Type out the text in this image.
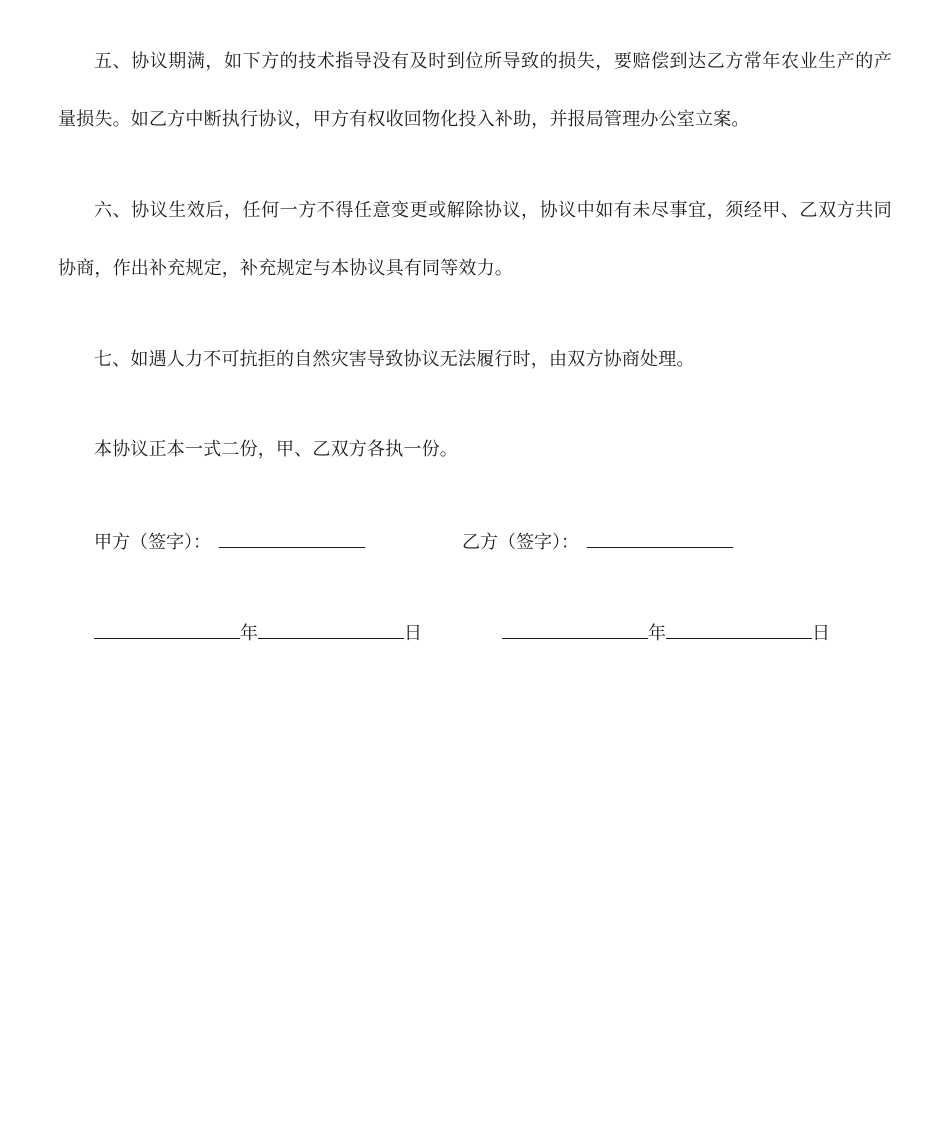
五、协议期满，如下方的技术指导没有及时到位所导致的损失，要赔偿到达乙方常年农业生产的产量损失。如乙方中断执行协议，甲方有权收回物化投入补助，并报局管理办公室立案。

六、协议生效后，任何一方不得任意变更或解除协议，协议中如有未尽事宜，须经甲、乙双方共同协商，作出补充规定，补充规定与本协议具有同等效力。

七、如遇人力不可抗拒的自然灾害导致协议无法履行时，由双方协商处理。

本协议正本一式二份，甲、乙双方各执一份。

甲方（签字）：	乙方（签字）：
年	日	年	日
